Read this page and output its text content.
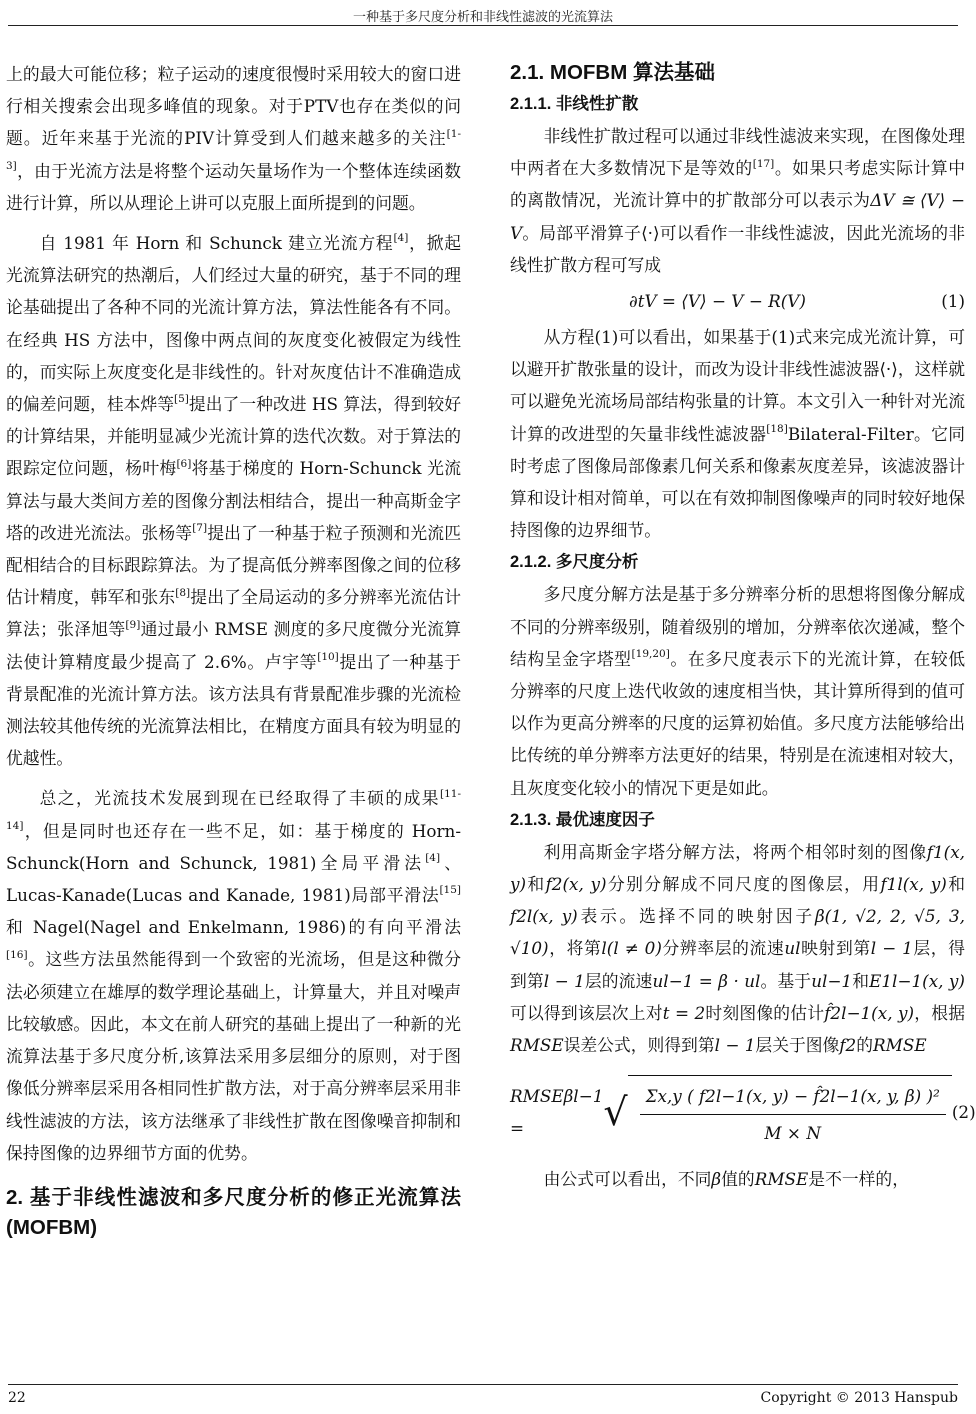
一种基于多尺度分析和非线性滤波的光流算法

上的最大可能位移；粒子运动的速度很慢时采用较大的窗口进行相关搜索会出现多峰值的现象。对于PTV也存在类似的问题。近年来基于光流的PIV计算受到人们越来越多的关注[1-3]，由于光流方法是将整个运动矢量场作为一个整体连续函数进行计算，所以从理论上讲可以克服上面所提到的问题。

自 1981 年 Horn 和 Schunck 建立光流方程[4]，掀起光流算法研究的热潮后，人们经过大量的研究，基于不同的理论基础提出了各种不同的光流计算方法，算法性能各有不同。在经典 HS 方法中，图像中两点间的灰度变化被假定为线性的，而实际上灰度变化是非线性的。针对灰度估计不准确造成的偏差问题，桂本烨等[5]提出了一种改进 HS 算法，得到较好的计算结果，并能明显减少光流计算的迭代次数。对于算法的跟踪定位问题，杨叶梅[6]将基于梯度的 Horn-Schunck 光流算法与最大类间方差的图像分割法相结合，提出一种高斯金字塔的改进光流法。张杨等[7]提出了一种基于粒子预测和光流匹配相结合的目标跟踪算法。为了提高低分辨率图像之间的位移估计精度，韩军和张东[8]提出了全局运动的多分辨率光流估计算法；张泽旭等[9]通过最小 RMSE 测度的多尺度微分光流算法使计算精度最少提高了 2.6%。卢宇等[10]提出了一种基于背景配准的光流计算方法。该方法具有背景配准步骤的光流检测法较其他传统的光流算法相比，在精度方面具有较为明显的优越性。

总之，光流技术发展到现在已经取得了丰硕的成果[11-14]，但是同时也还存在一些不足，如：基于梯度的 Horn-Schunck(Horn and Schunck, 1981)全局平滑法[4]、Lucas-Kanade(Lucas and Kanade, 1981)局部平滑法[15]和 Nagel(Nagel and Enkelmann, 1986)的有向平滑法[16]。这些方法虽然能得到一个致密的光流场，但是这种微分法必须建立在雄厚的数学理论基础上，计算量大，并且对噪声比较敏感。因此，本文在前人研究的基础上提出了一种新的光流算法基于多尺度分析,该算法采用多层细分的原则，对于图像低分辨率层采用各相同性扩散方法，对于高分辨率层采用非线性滤波的方法，该方法继承了非线性扩散在图像噪音抑制和保持图像的边界细节方面的优势。

2. 基于非线性滤波和多尺度分析的修正光流算法(MOFBM)

2.1. MOFBM 算法基础

2.1.1. 非线性扩散

非线性扩散过程可以通过非线性滤波来实现，在图像处理中两者在大多数情况下是等效的[17]。如果只考虑实际计算中的离散情况，光流计算中的扩散部分可以表示为ΔV ≅ ⟨V⟩ − V。局部平滑算子⟨·⟩可以看作一非线性滤波，因此光流场的非线性扩散方程可写成

∂tV = ⟨V⟩ − V − R(V)	(1)

从方程(1)可以看出，如果基于(1)式来完成光流计算，可以避开扩散张量的设计，而改为设计非线性滤波器⟨·⟩，这样就可以避免光流场局部结构张量的计算。本文引入一种针对光流计算的改进型的矢量非线性滤波器[18]Bilateral-Filter。它同时考虑了图像局部像素几何关系和像素灰度差异，该滤波器计算和设计相对简单，可以在有效抑制图像噪声的同时较好地保持图像的边界细节。

2.1.2. 多尺度分析

多尺度分解方法是基于多分辨率分析的思想将图像分解成不同的分辨率级别，随着级别的增加，分辨率依次递减，整个结构呈金字塔型[19,20]。在多尺度表示下的光流计算，在较低分辨率的尺度上迭代收敛的速度相当快，其计算所得到的值可以作为更高分辨率的尺度的运算初始值。多尺度方法能够给出比传统的单分辨率方法更好的结果，特别是在流速相对较大，且灰度变化较小的情况下更是如此。

2.1.3. 最优速度因子

利用高斯金字塔分解方法，将两个相邻时刻的图像f1(x, y)和f2(x, y)分别分解成不同尺度的图像层，用f1l(x, y)和f2l(x, y)表示。选择不同的映射因子β(1, √2, 2, √5, 3, √10)，将第l(l ≠ 0)分辨率层的流速ul映射到第l − 1层，得到第l − 1层的流速ul−1 = β · ul。基于ul−1和E1l−1(x, y)可以得到该层次上对t = 2时刻图像的估计f̂2l−1(x, y)，根据RMSE误差公式，则得到第l − 1层关于图像f2的RMSE

RMSEβl−1 =	√ $\frac{\text{Σx,y ( f2l−1(x, y) − f̂2l−1(x, y, β) )²}}{M \times N} (2)$

由公式可以看出，不同β值的RMSE是不一样的，

22	Copyright © 2013 Hanspub
